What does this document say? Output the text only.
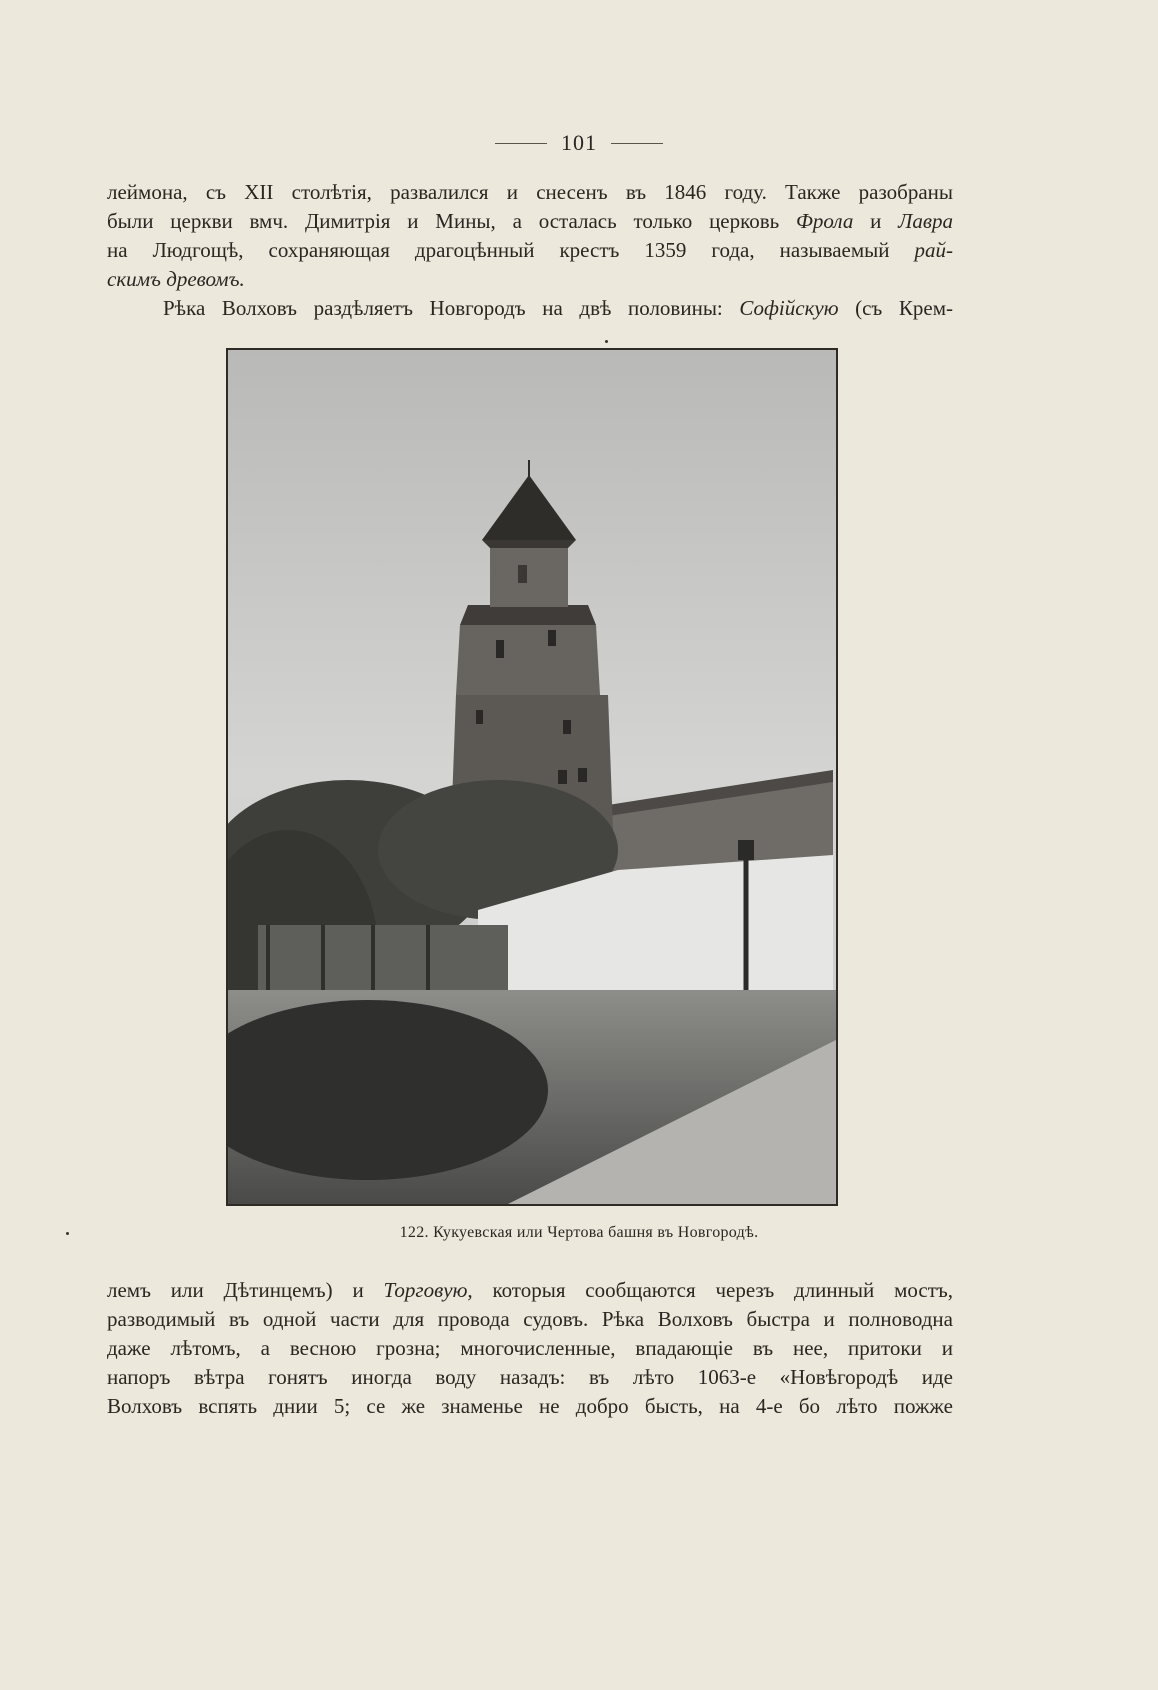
101
леймона, съ XII столѣтія, развалился и снесенъ въ 1846 году. Также разобраны
были церкви вмч. Димитрія и Мины, а осталась только церковь Фрола и Лавра
на Людгощѣ, сохраняющая драгоцѣнный крестъ 1359 года, называемый рай-
скимъ древомъ.
Рѣка Волховъ раздѣляетъ Новгородъ на двѣ половины: Софійскую (съ Крем-
122. Кукуевская или Чертова башня въ Новгородѣ.
лемъ или Дѣтинцемъ) и Торговую, которыя сообщаются черезъ длинный мостъ,
разводимый въ одной части для провода судовъ. Рѣка Волховъ быстра и полноводна
даже лѣтомъ, а весною грозна; многочисленные, впадающіе въ нее, притоки и
напоръ вѣтра гонятъ иногда воду назадъ: въ лѣто 1063-е «Новѣгородѣ иде
Волховъ вспять днии 5; се же знаменье не добро бысть, на 4-е бо лѣто пожже
